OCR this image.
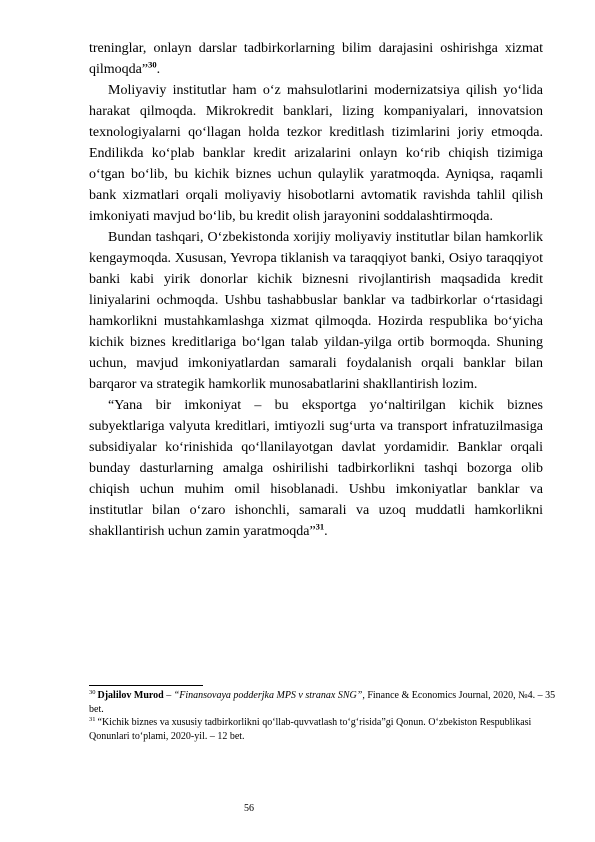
treninglar, onlayn darslar tadbirkorlarning bilim darajasini oshirishga xizmat qilmoqda”$^{30}$.

Moliyaviy institutlar ham o‘z mahsulotlarini modernizatsiya qilish yo‘lida harakat qilmoqda. Mikrokredit banklari, lizing kompaniyalari, innovatsion texnologiyalarni qo‘llagan holda tezkor kreditlash tizimlarini joriy etmoqda. Endilikda ko‘plab banklar kredit arizalarini onlayn ko‘rib chiqish tizimiga o‘tgan bo‘lib, bu kichik biznes uchun qulaylik yaratmoqda. Ayniqsa, raqamli bank xizmatlari orqali moliyaviy hisobotlarni avtomatik ravishda tahlil qilish imkoniyati mavjud bo‘lib, bu kredit olish jarayonini soddalashtirmoqda.

Bundan tashqari, O‘zbekistonda xorijiy moliyaviy institutlar bilan hamkorlik kengaymoqda. Xususan, Yevropa tiklanish va taraqqiyot banki, Osiyo taraqqiyot banki kabi yirik donorlar kichik biznesni rivojlantirish maqsadida kredit liniyalarini ochmoqda. Ushbu tashabbuslar banklar va tadbirkorlar o‘rtasidagi hamkorlikni mustahkamlashga xizmat qilmoqda. Hozirda respublika bo‘yicha kichik biznes kreditlariga bo‘lgan talab yildan-yilga ortib bormoqda. Shuning uchun, mavjud imkoniyatlardan samarali foydalanish orqali banklar bilan barqaror va strategik hamkorlik munosabatlarini shakllantirish lozim.

“Yana bir imkoniyat – bu eksportga yo‘naltirilgan kichik biznes subyektlariga valyuta kreditlari, imtiyozli sug‘urta va transport infratuzilmasiga subsidiyalar ko‘rinishida qo‘llanilayotgan davlat yordamidir. Banklar orqali bunday dasturlarning amalga oshirilishi tadbirkorlikni tashqi bozorga olib chiqish uchun muhim omil hisoblanadi. Ushbu imkoniyatlar banklar va institutlar bilan o‘zaro ishonchli, samarali va uzoq muddatli hamkorlikni shakllantirish uchun zamin yaratmoqda”$^{31}$.

$^{30}$ Djalilov Murod – “Finansovaya podderjka MPS v stranax SNG”, Finance & Economics Journal, 2020, №4. – 35 bet.

$^{31}$ “Kichik biznes va xususiy tadbirkorlikni qo‘llab-quvvatlash to‘g‘risida”gi Qonun. O‘zbekiston Respublikasi Qonunlari to‘plami, 2020-yil. – 12 bet.

56
